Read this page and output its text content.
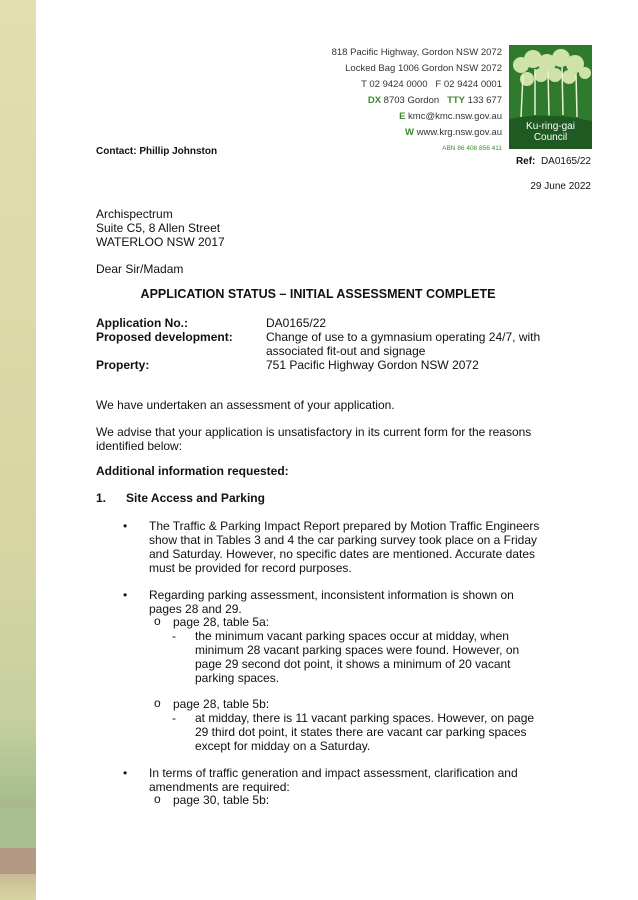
818 Pacific Highway, Gordon NSW 2072
Locked Bag 1006 Gordon NSW 2072
T 02 9424 0000 F 02 9424 0001
DX 8703 Gordon TTY 133 677
E kmc@kmc.nsw.gov.au
W www.krg.nsw.gov.au
ABN 86 408 856 411
Ku-ring-gai
Council
Contact: Phillip Johnston
Ref: DA0165/22
29 June 2022
Archispectrum
Suite C5, 8 Allen Street
WATERLOO NSW 2017
Dear Sir/Madam
APPLICATION STATUS – INITIAL ASSESSMENT COMPLETE
Application No.:	DA0165/22
Proposed development:	Change of use to a gymnasium operating 24/7, with associated fit-out and signage
Property:	751 Pacific Highway Gordon NSW 2072
We have undertaken an assessment of your application.
We advise that your application is unsatisfactory in its current form for the reasons identified below:
Additional information requested:
1. Site Access and Parking
• The Traffic & Parking Impact Report prepared by Motion Traffic Engineers show that in Tables 3 and 4 the car parking survey took place on a Friday and Saturday. However, no specific dates are mentioned. Accurate dates must be provided for record purposes.
• Regarding parking assessment, inconsistent information is shown on pages 28 and 29.
o page 28, table 5a:
- the minimum vacant parking spaces occur at midday, when minimum 28 vacant parking spaces were found. However, on page 29 second dot point, it shows a minimum of 20 vacant parking spaces.
o page 28, table 5b:
- at midday, there is 11 vacant parking spaces. However, on page 29 third dot point, it states there are vacant car parking spaces except for midday on a Saturday.
• In terms of traffic generation and impact assessment, clarification and amendments are required:
o page 30, table 5b:
